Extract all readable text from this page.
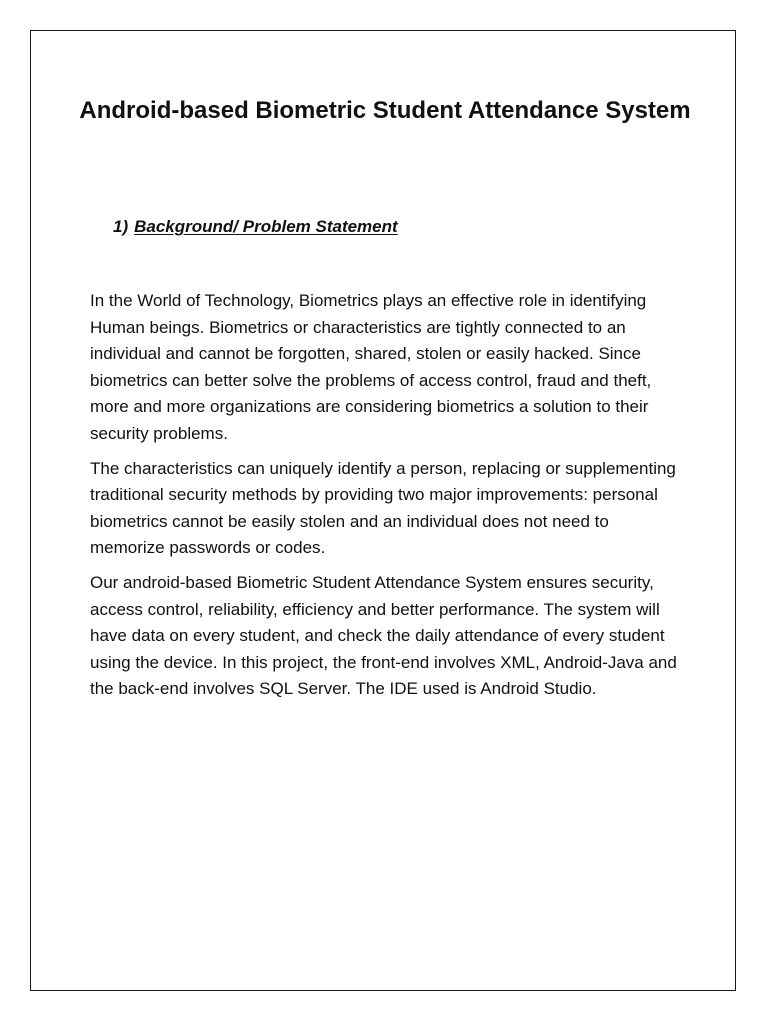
Android-based Biometric Student Attendance System
1) Background/ Problem Statement

In the World of Technology, Biometrics plays an effective role in identifying Human beings. Biometrics or characteristics are tightly connected to an individual and cannot be forgotten, shared, stolen or easily hacked. Since biometrics can better solve the problems of access control, fraud and theft, more and more organizations are considering biometrics a solution to their security problems.

The characteristics can uniquely identify a person, replacing or supplementing traditional security methods by providing two major improvements: personal biometrics cannot be easily stolen and an individual does not need to memorize passwords or codes.

Our android-based Biometric Student Attendance System ensures security, access control, reliability, efficiency and better performance. The system will have data on every student, and check the daily attendance of every student using the device. In this project, the front-end involves XML, Android-Java and the back-end involves SQL Server. The IDE used is Android Studio.
